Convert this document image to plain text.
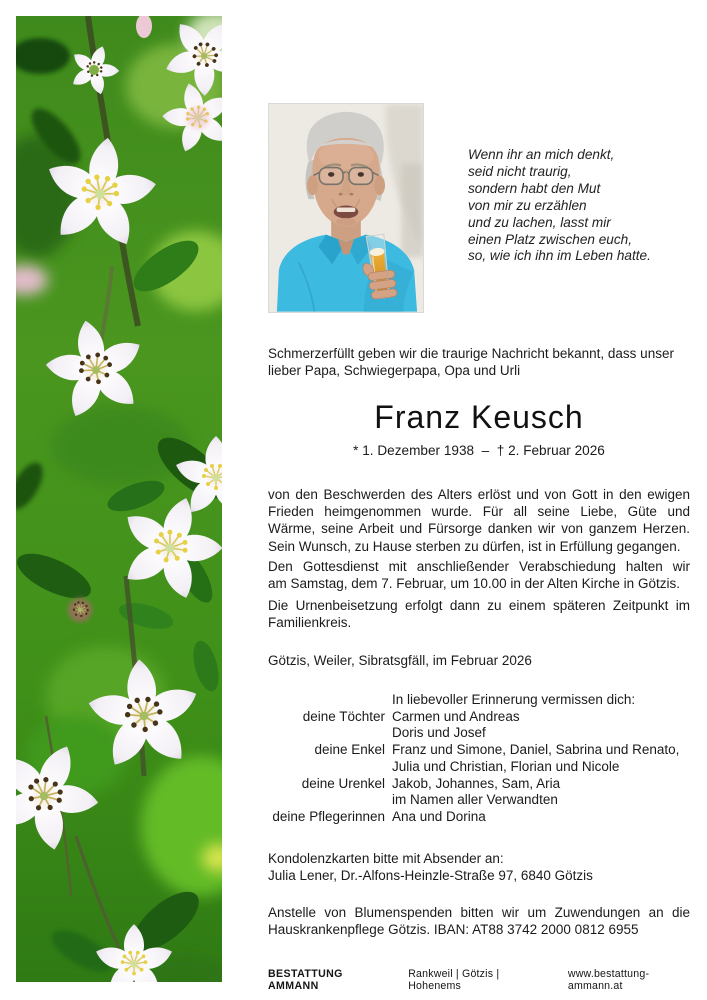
Wenn ihr an mich denkt,
seid nicht traurig,
sondern habt den Mut
von mir zu erzählen
und zu lachen, lasst mir
einen Platz zwischen euch,
so, wie ich ihn im Leben hatte.
Schmerzerfüllt geben wir die traurige Nachricht bekannt, dass unser
lieber Papa, Schwiegerpapa, Opa und Urli
Franz Keusch
* 1. Dezember 1938  –  † 2. Februar 2026
von den Beschwerden des Alters erlöst und von Gott in den ewigen
Frieden heimgenommen wurde. Für all seine Liebe, Güte und
Wärme, seine Arbeit und Fürsorge danken wir von ganzem Herzen.
Sein Wunsch, zu Hause sterben zu dürfen, ist in Erfüllung gegangen.
Den Gottesdienst mit anschließender Verabschiedung halten wir
am Samstag, dem 7. Februar, um 10.00 in der Alten Kirche in Götzis.
Die Urnenbeisetzung erfolgt dann zu einem späteren Zeitpunkt im
Familienkreis.
Götzis, Weiler, Sibratsgfäll, im Februar 2026
In liebevoller Erinnerung vermissen dich:
deine Töchter Carmen und Andreas
Doris und Josef
deine Enkel Franz und Simone, Daniel, Sabrina und Renato,
Julia und Christian, Florian und Nicole
deine Urenkel Jakob, Johannes, Sam, Aria
im Namen aller Verwandten
deine Pflegerinnen Ana und Dorina
Kondolenzkarten bitte mit Absender an:
Julia Lener, Dr.-Alfons-Heinzle-Straße 97, 6840 Götzis
Anstelle von Blumenspenden bitten wir um Zuwendungen an die
Hauskrankenpflege Götzis. IBAN: AT88 3742 2000 0812 6955
BESTATTUNG AMMANN
Rankweil | Götzis | Hohenems
www.bestattung-ammann.at
